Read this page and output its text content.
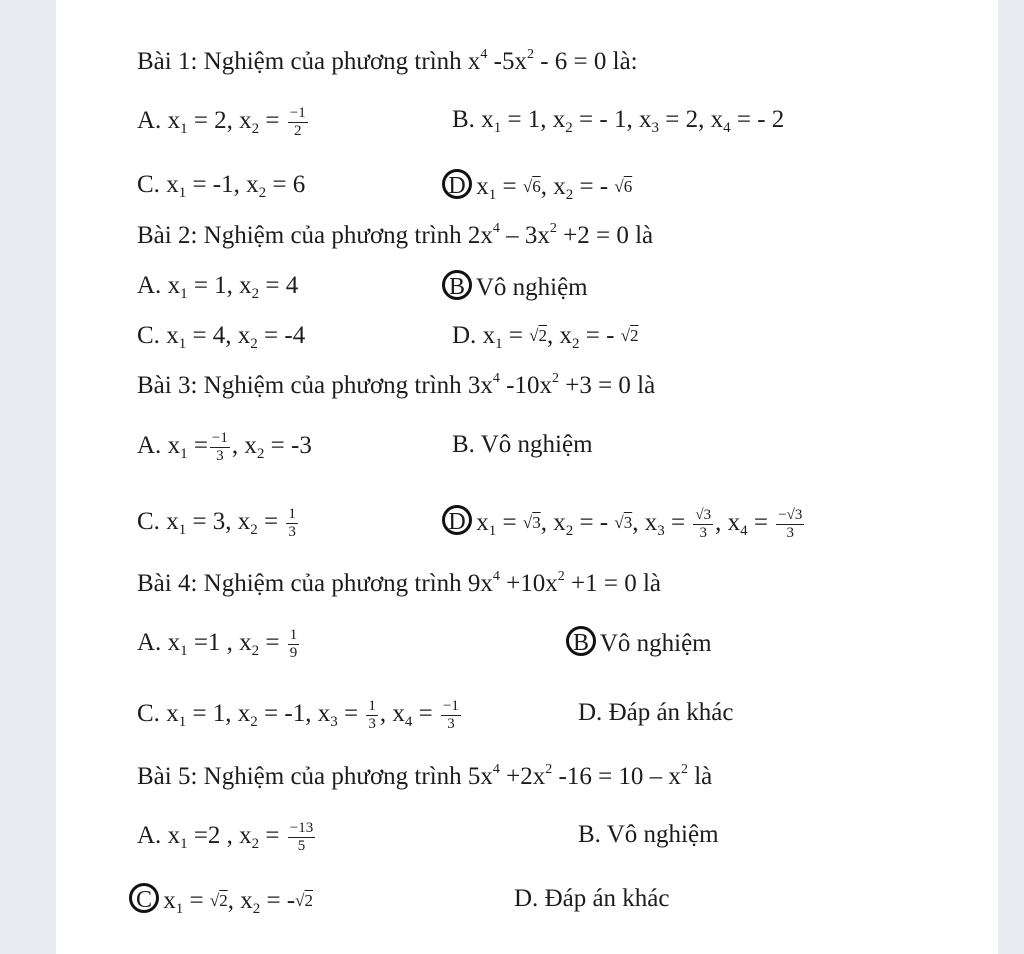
Bài 1: Nghiệm của phương trình $x^4$ $-5x^2 - 6 = 0$ là:
A. $x_1 = 2$, $x_2 = \frac{-1}{2}$	B. $x_1 = 1$, $x_2$ = - 1, $x_3 = 2$, $x_4$ = - 2
C. $x_1 = -1$, $x_2 = 6$	D $x_1 = √6$, $x_2$ = - √6
Bài 2: Nghiệm của phương trình $2x^4 - 3x^2 +2 = 0$ là
A. $x_1 = 1$, $x_2 = 4$	B Vô nghiệm
C. $x_1 = 4$, $x_2 = -4$	D. $x_1 = √2$, $x_2$ = - √2
Bài 3: Nghiệm của phương trình $3x^4$ $-10x^2 +3 = 0$ là
A. $x_1 = \frac{-1}{3}$ , $x_2 = -3$	B. Vô nghiệm
C. $x_1 = 3$, $x_2 = \frac{1}{3}$	D $x_1 = √3$, $x_2$ = - √3, $x_3 = \frac{√3}{3}$ , $x_4 = \frac{-√3}{3}$
Bài 4: Nghiệm của phương trình $9x^4 +10x^2 +1 = 0$ là
A. $x_1 =1$ , $x_2 = \frac{1}{9}$	B Vô nghiệm
C. $x_1 = 1$, $x_2 = -1$, $x_3 = \frac{1}{3}$ , $x_4 = \frac{-1}{3}$	D. Đáp án khác
Bài 5: Nghiệm của phương trình $5x^4 +2x^2$ $-16 = 10 - x^2$ là
A. $x_1 =2$ , $x_2 = \frac{-13}{5}$	B. Vô nghiệm
C $x_1 = √2$, $x_2 = -√2$	D. Đáp án khác
